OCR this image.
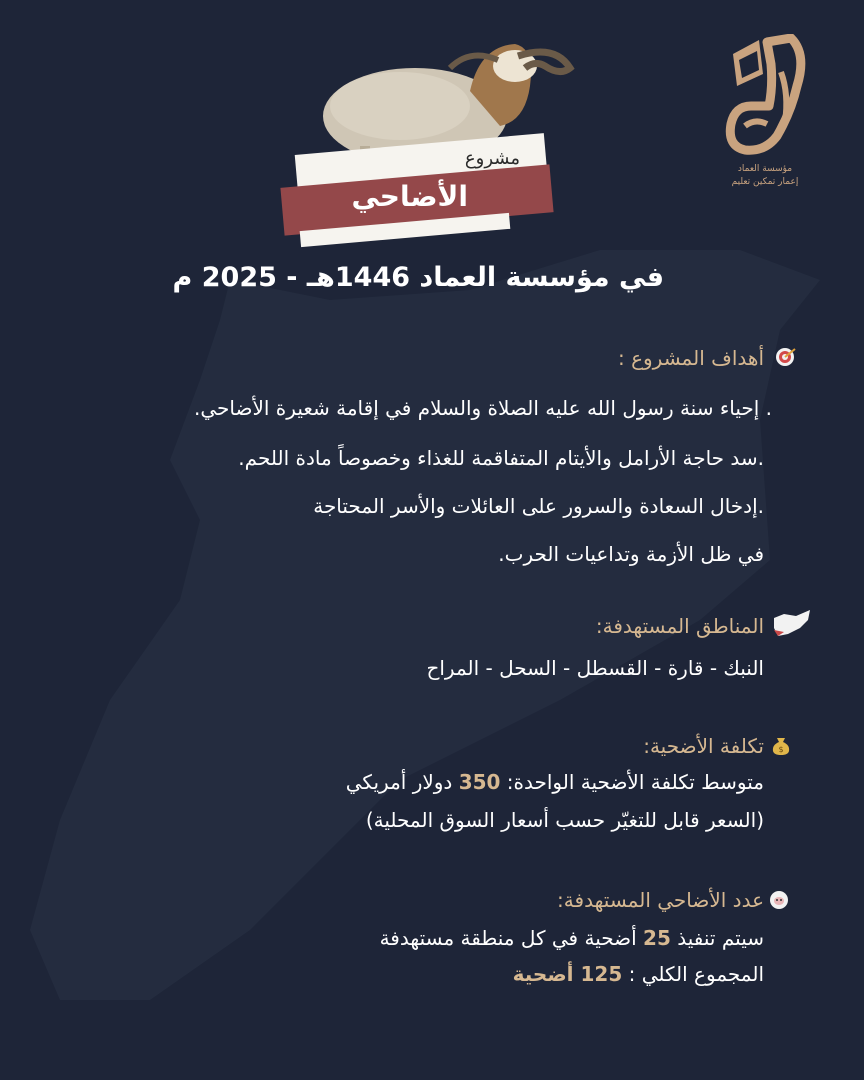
مؤسسة العماد
إعمار تمكين تعليم
مشروع
الأضاحي
في مؤسسة العماد 1446هـ - 2025 م
أهداف المشروع :
. إحياء سنة رسول الله عليه الصلاة والسلام في إقامة شعيرة الأضاحي.
.سد حاجة الأرامل والأيتام المتفاقمة للغذاء وخصوصاً مادة اللحم.
.إدخال السعادة والسرور على العائلات والأسر المحتاجة
في ظل الأزمة وتداعيات الحرب.
المناطق المستهدفة:
النبك - قارة - القسطل - السحل - المراح
$
تكلفة الأضحية:
متوسط تكلفة الأضحية الواحدة: 350 دولار أمريكي
(السعر قابل للتغيّر حسب أسعار السوق المحلية)
عدد الأضاحي المستهدفة:
سيتم تنفيذ 25 أضحية في كل منطقة مستهدفة
المجموع الكلي : 125 أضحية
